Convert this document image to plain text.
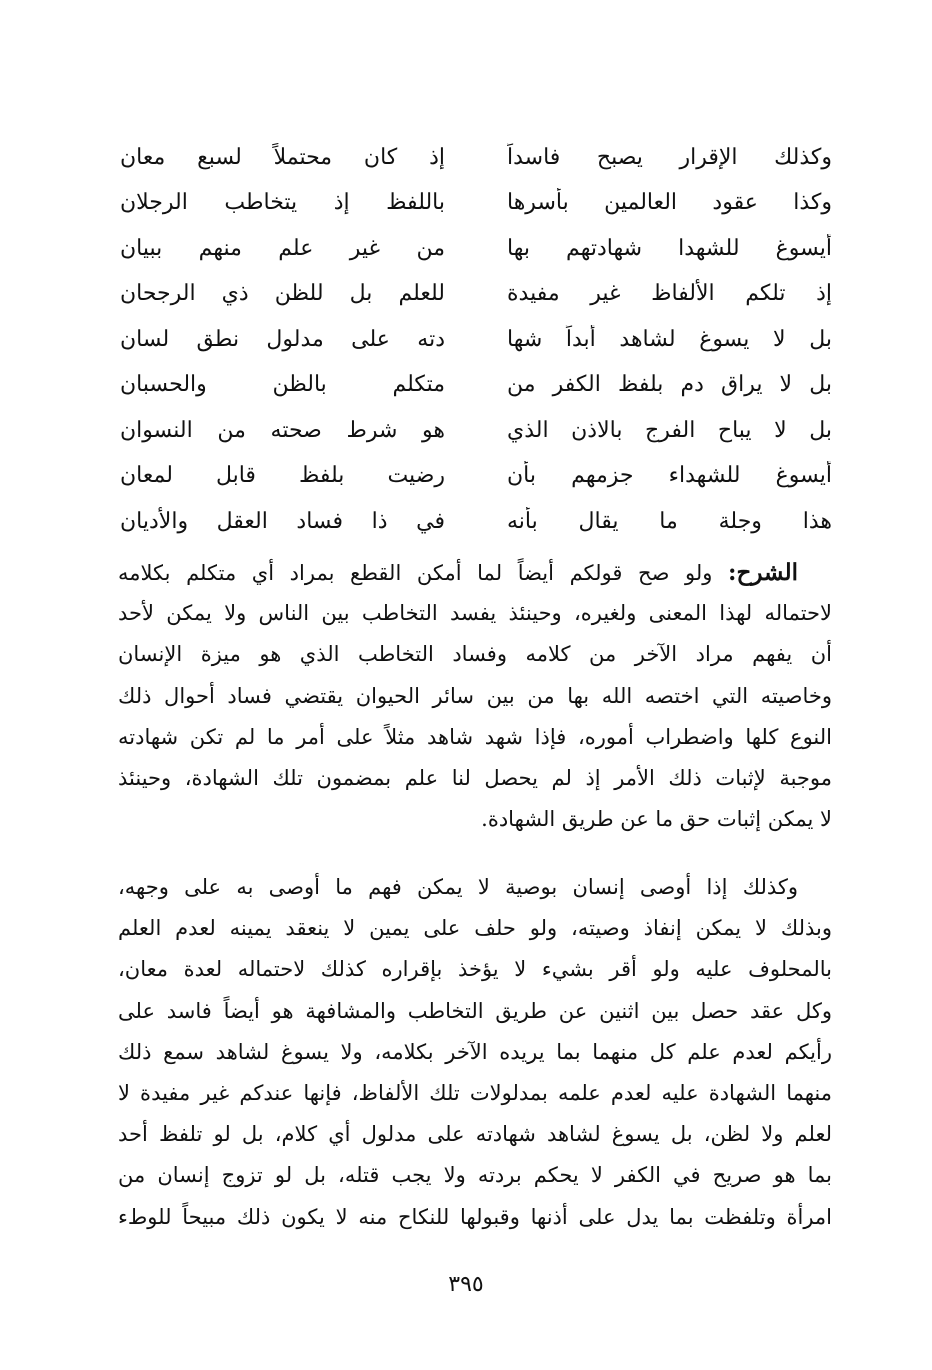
وكذلك الإقرار يصبح فاسداً
إذ كان محتملاً لسبع معان
وكذا عقود العالمين بأسرها
باللفظ إذ يتخاطب الرجلان
أيسوغ للشهدا شهادتهم بها
من غير علم منهم ببيان
إذ تلكم الألفاظ غير مفيدة
للعلم بل للظن ذي الرجحان
بل لا يسوغ لشاهد أبداً شها
دته على مدلول نطق لسان
بل لا يراق دم بلفظ الكفر من
متكلم بالظن والحسبان
بل لا يباح الفرج بالاذن الذي
هو شرط صحته من النسوان
أيسوغ للشهداء جزمهم بأن
رضيت بلفظ قابل لمعان
هذا وجلة ما يقال بأنه
في ذا فساد العقل والأديان
الشرح: ولو صح قولكم أيضاً لما أمكن القطع بمراد أي متكلم بكلامه
لاحتماله لهذا المعنى ولغيره، وحينئذ يفسد التخاطب بين الناس ولا يمكن لأحد
أن يفهم مراد الآخر من كلامه وفساد التخاطب الذي هو ميزة الإنسان
وخاصيته التي اختصه الله بها من بين سائر الحيوان يقتضي فساد أحوال ذلك
النوع كلها واضطراب أموره، فإذا شهد شاهد مثلاً على أمر ما لم تكن شهادته
موجبة لإثبات ذلك الأمر إذ لم يحصل لنا علم بمضمون تلك الشهادة، وحينئذ
لا يمكن إثبات حق ما عن طريق الشهادة.
وكذلك إذا أوصى إنسان بوصية لا يمكن فهم ما أوصى به على وجهه،
وبذلك لا يمكن إنفاذ وصيته، ولو حلف على يمين لا ينعقد يمينه لعدم العلم
بالمحلوف عليه ولو أقر بشيء لا يؤخذ بإقراره كذلك لاحتماله لعدة معان،
وكل عقد حصل بين اثنين عن طريق التخاطب والمشافهة هو أيضاً فاسد على
رأيكم لعدم علم كل منهما بما يريده الآخر بكلامه، ولا يسوغ لشاهد سمع ذلك
منهما الشهادة عليه لعدم علمه بمدلولات تلك الألفاظ، فإنها عندكم غير مفيدة لا
لعلم ولا لظن، بل يسوغ لشاهد شهادته على مدلول أي كلام، بل لو تلفظ أحد
بما هو صريح في الكفر لا يحكم بردته ولا يجب قتله، بل لو تزوج إنسان من
امرأة وتلفظت بما يدل على أذنها وقبولها للنكاح منه لا يكون ذلك مبيحاً للوطء
٣٩٥
